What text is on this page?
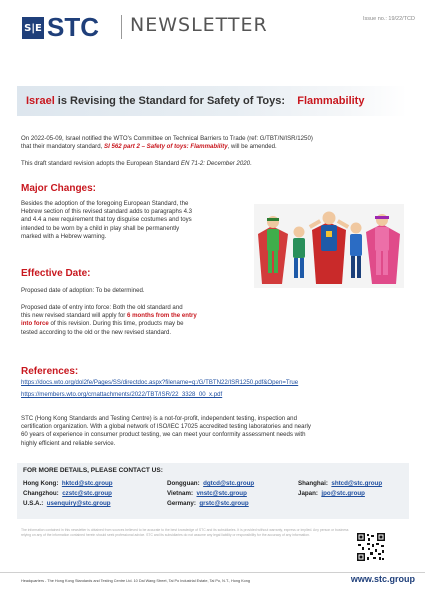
S|E STC NEWSLETTER	Issue no.: 19/22/TCD
Israel is Revising the Standard for Safety of Toys: Flammability
On 2022-05-09, Israel notified the WTO's Committee on Technical Barriers to Trade (ref: G/TBT/N/ISR/1250)
that their mandatory standard, SI 562 part 2 – Safety of toys: Flammability, will be amended.
This draft standard revision adopts the European Standard EN 71-2: December 2020.
Major Changes:
Besides the adoption of the foregoing European Standard, the
Hebrew section of this revised standard adds to paragraphs 4.3
and 4.4 a new requirement that toy disguise costumes and toys
intended to be worn by a child in play shall be permanently
marked with a Hebrew warning.
Effective Date:
Proposed date of adoption: To be determined.
Proposed date of entry into force: Both the old standard and
this new revised standard will apply for 6 months from the entry
into force of this revision. During this time, products may be
tested according to the old or the new revised standard.
References:
https://docs.wto.org/dol2fe/Pages/SS/directdoc.aspx?filename=q:/G/TBTN22/ISR1250.pdf&Open=True
https://members.wto.org/crnattachments/2022/TBT/ISR/22_3328_00_x.pdf
STC (Hong Kong Standards and Testing Centre) is a not-for-profit, independent testing, inspection and
certification organization. With a global network of ISO/IEC 17025 accredited testing laboratories and nearly
60 years of experience in consumer product testing, we can meet your conformity assessment needs with
highly efficient and reliable service.
FOR MORE DETAILS, PLEASE CONTACT US:
Hong Kong: hktcd@stc.group	Dongguan: dgtcd@stc.group	Shanghai: shtcd@stc.group
Changzhou: czstc@stc.group	Vietnam: vnstc@stc.group	Japan: jpo@stc.group
U.S.A.: usenquiry@stc.group	Germany: grstc@stc.group
The information contained in this newsletter is obtained from sources believed to be accurate to the best knowledge of STC and its subsidiaries. It is provided without warranty, express or implied. Any person or business relying on any of the information contained herein should seek professional advice. STC and its subsidiaries do not assume any legal liability or responsibility for the accuracy of any information.
Headquarters - The Hong Kong Standards and Testing Centre Ltd. 10 Dai Wang Street, Tai Po Industrial Estate, Tai Po, N.T., Hong Kong	www.stc.group
